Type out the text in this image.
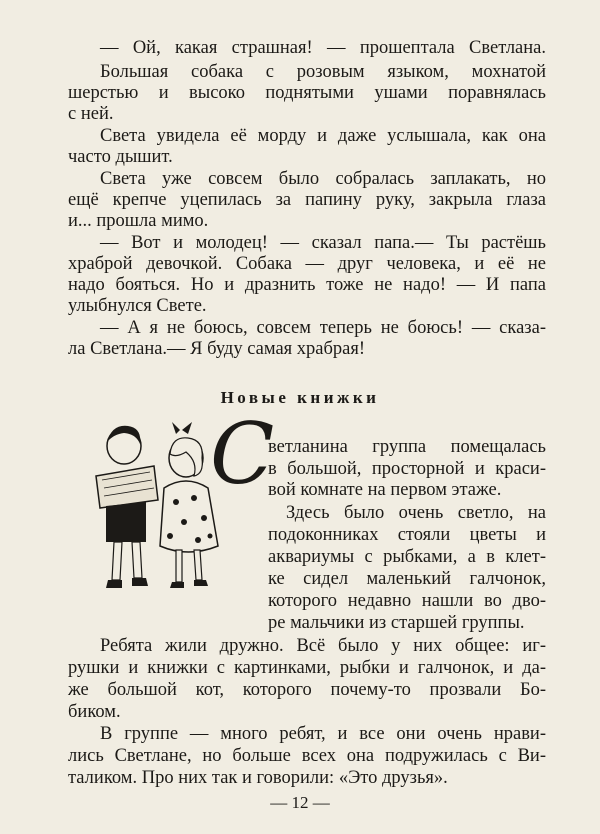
— Ой, какая страшная! — прошептала Светлана.
Большая собака с розовым языком, мохнатой
шерстью и высоко поднятыми ушами поравнялась
с ней.
Света увидела её морду и даже услышала, как она
часто дышит.
Света уже совсем было собралась заплакать, но
ещё крепче уцепилась за папину руку, закрыла глаза
и... прошла мимо.
— Вот и молодец! — сказал папа.— Ты растёшь
храброй девочкой. Собака — друг человека, и её не
надо бояться. Но и дразнить тоже не надо! — И папа
улыбнулся Свете.
— А я не боюсь, совсем теперь не боюсь! — сказа-
ла Светлана.— Я буду самая храбрая!
Новые книжки
С
ветланина группа помещалась
в большой, просторной и краси-
вой комнате на первом этаже.
Здесь было очень светло, на
подоконниках стояли цветы и
аквариумы с рыбками, а в клет-
ке сидел маленький галчонок,
которого недавно нашли во дво-
ре мальчики из старшей группы.
Ребята жили дружно. Всё было у них общее: иг-
рушки и книжки с картинками, рыбки и галчонок, и да-
же большой кот, которого почему-то прозвали Бо-
биком.
В группе — много ребят, и все они очень нрави-
лись Светлане, но больше всех она подружилась с Ви-
таликом. Про них так и говорили: «Это друзья».
— 12 —
